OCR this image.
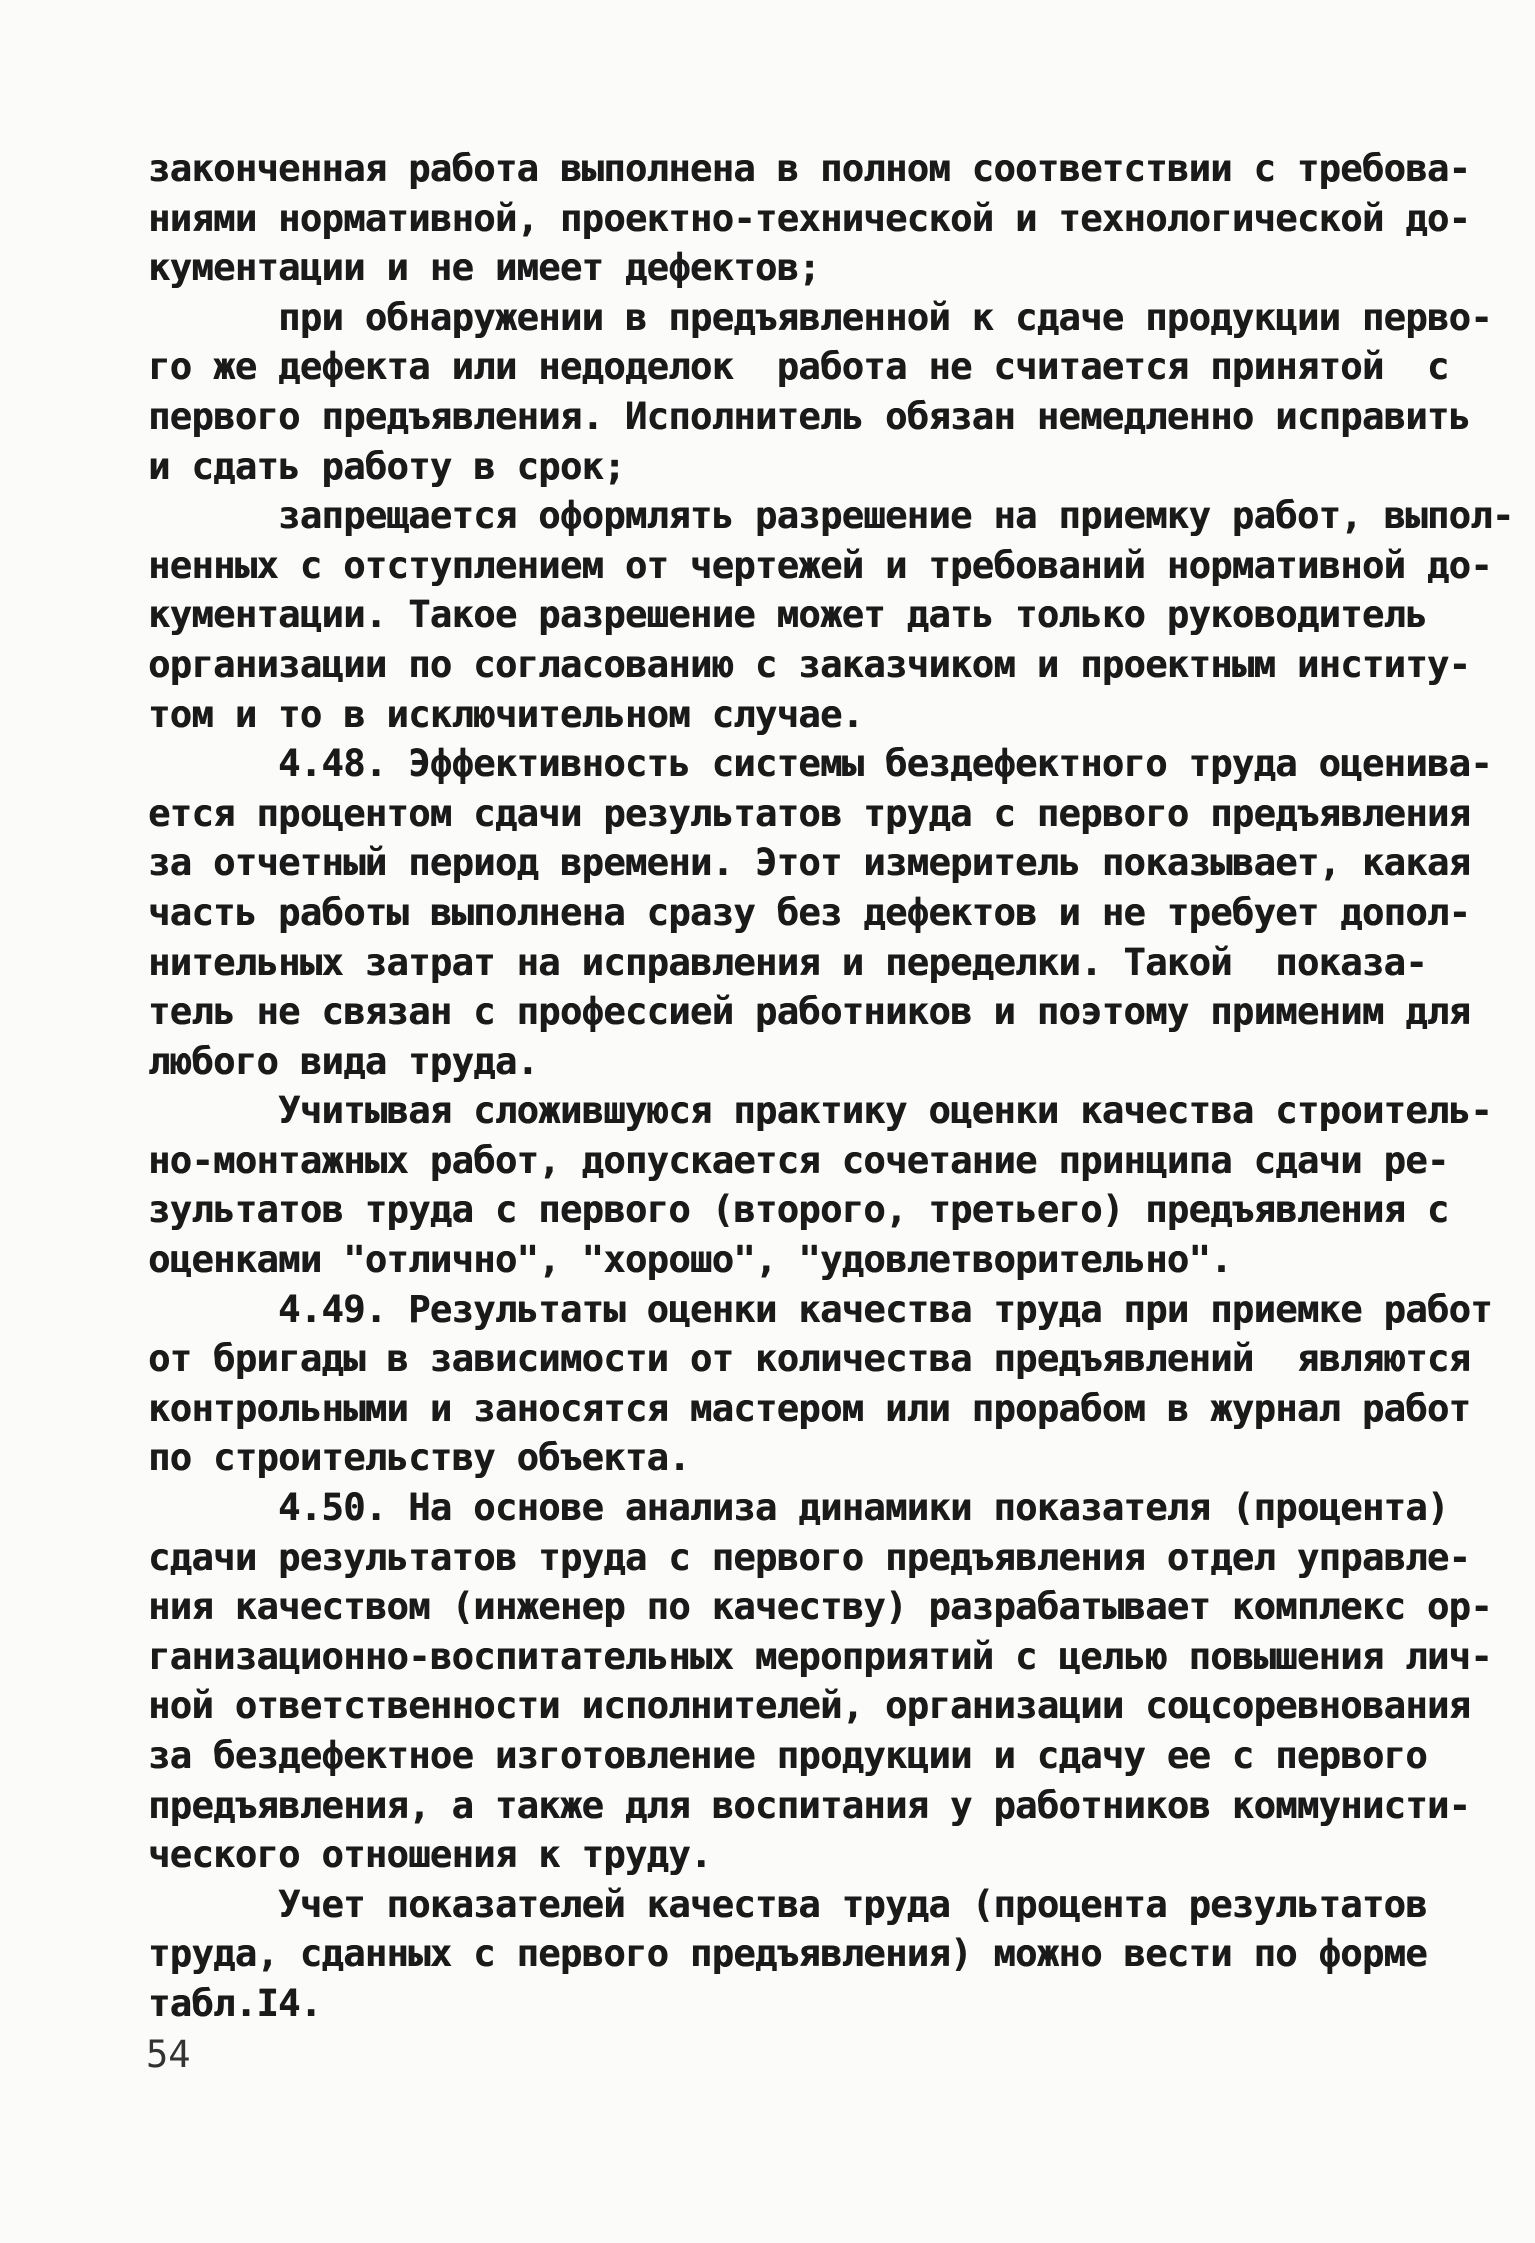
законченная работа выполнена в полном соответствии с требова-
ниями нормативной, проектно-технической и технологической до-
кументации и не имеет дефектов;
при обнаружении в предъявленной к сдаче продукции перво-
го же дефекта или недоделок  работа не считается принятой  с
первого предъявления. Исполнитель обязан немедленно исправить
и сдать работу в срок;
запрещается оформлять разрешение на приемку работ, выпол-
ненных с отступлением от чертежей и требований нормативной до-
кументации. Такое разрешение может дать только руководитель
организации по согласованию с заказчиком и проектным институ-
том и то в исключительном случае.
4.48. Эффективность системы бездефектного труда оценива-
ется процентом сдачи результатов труда с первого предъявления
за отчетный период времени. Этот измеритель показывает, какая
часть работы выполнена сразу без дефектов и не требует допол-
нительных затрат на исправления и переделки. Такой  показа-
тель не связан с профессией работников и поэтому применим для
любого вида труда.
Учитывая сложившуюся практику оценки качества строитель-
но-монтажных работ, допускается сочетание принципа сдачи ре-
зультатов труда с первого (второго, третьего) предъявления с
оценками "отлично", "хорошо", "удовлетворительно".
4.49. Результаты оценки качества труда при приемке работ
от бригады в зависимости от количества предъявлений  являются
контрольными и заносятся мастером или прорабом в журнал работ
по строительству объекта.
4.50. На основе анализа динамики показателя (процента)
сдачи результатов труда с первого предъявления отдел управле-
ния качеством (инженер по качеству) разрабатывает комплекс ор-
ганизационно-воспитательных мероприятий с целью повышения лич-
ной ответственности исполнителей, организации соцсоревнования
за бездефектное изготовление продукции и сдачу ее с первого
предъявления, а также для воспитания у работников коммунисти-
ческого отношения к труду.
Учет показателей качества труда (процента результатов
труда, сданных с первого предъявления) можно вести по форме
табл.I4.
54
